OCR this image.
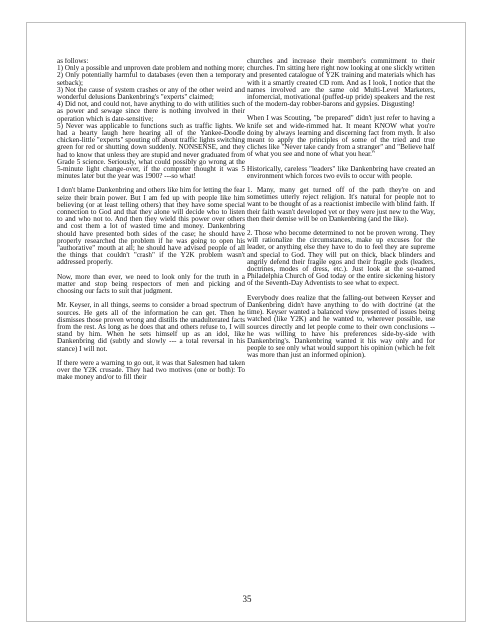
as follows:
1) Only a possible and unproven date problem and nothing more;
2) Only potentially harmful to databases (even then a temporary setback);
3) Not the cause of system crashes or any of the other weird and wonderful delusions Dankenbring's "experts" claimed;
4) Did not, and could not, have anything to do with utilities such as power and sewage since there is nothing involved in their operation which is date-sensitive;
5) Never was applicable to functions such as traffic lights. We had a hearty laugh here hearing all of the Yankee-Doodle chicken-little "experts" spouting off about traffic lights switching green for red or shutting down suddenly. NONSENSE, and they had to know that unless they are stupid and never graduated from Grade 5 science. Seriously, what could possibly go wrong at the 5-minute light change-over, if the computer thought it was 5 minutes later but the year was 1900? ---so what!

I don't blame Dankenbring and others like him for letting the fear seize their brain power. But I am fed up with people like him believing (or at least telling others) that they have some special connection to God and that they alone will decide who to listen to and who not to. And then they wield this power over others and cost them a lot of wasted time and money. Dankenbring should have presented both sides of the case; he should have properly researched the problem if he was going to open his "authorative" mouth at all; he should have advised people of all the things that couldn't "crash" if the Y2K problem wasn't addressed properly.

Now, more than ever, we need to look only for the truth in a matter and stop being respectors of men and picking and choosing our facts to suit that judgment.

Mr. Keyser, in all things, seems to consider a broad spectrum of sources. He gets all of the information he can get. Then he dismisses those proven wrong and distills the unadulterated facts from the rest. As long as he does that and others refuse to, I will stand by him. When he sets himself up as an idol, like Dankenbring did (subtly and slowly --- a total reversal in his stance) I will not.

If there were a warning to go out, it was that Salesmen had taken over the Y2K crusade. They had two motives (one or both): To make money and/or to fill their

churches and increase their member's commitment to their churches. I'm sitting here right now looking at one slickly written and presented catalogue of Y2K training and materials which has with it a smartly created CD rom. And as I look, I notice that the names involved are the same old Multi-Level Marketers, infomercial, motivational (puffed-up pride) speakers and the rest of the modern-day robber-barons and gypsies. Disgusting!

When I was Scouting, "be prepared" didn't just refer to having a knife set and wide-rimmed hat. It meant KNOW what you're doing by always learning and discerning fact from myth. It also meant to apply the principles of some of the tried and true cliches like "Never take candy from a stranger" and "Believe half of what you see and none of what you hear."

Historically, careless "leaders" like Dankenbring have created an environment which forces two evils to occur with people.

1. Many, many get turned off of the path they're on and sometimes utterly reject religion. It's natural for people not to want to be thought of as a reactionist imbecile with blind faith. If their faith wasn't developed yet or they were just new to the Way, then their demise will be on Dankenbring (and the like).

2. Those who become determined to not be proven wrong. They will rationalize the circumstances, make up excuses for the leader, or anything else they have to do to feel they are supreme and special to God. They will put on thick, black blinders and angrily defend their fragile egos and their fragile gods (leaders, doctrines, modes of dress, etc.). Just look at the so-named Philadelphia Church of God today or the entire sickening history of the Seventh-Day Adventists to see what to expect.

Everybody does realize that the falling-out between Keyser and Dankenbring didn't have anything to do with doctrine (at the time). Keyser wanted a balanced view presented of issues being watched (like Y2K) and he wanted to, wherever possible, use sources directly and let people come to their own conclusions -- he was willing to have his preferences side-by-side with Dankenbring's. Dankenbring wanted it his way only and for people to see only what would support his opinion (which he felt was more than just an informed opinion).

35
